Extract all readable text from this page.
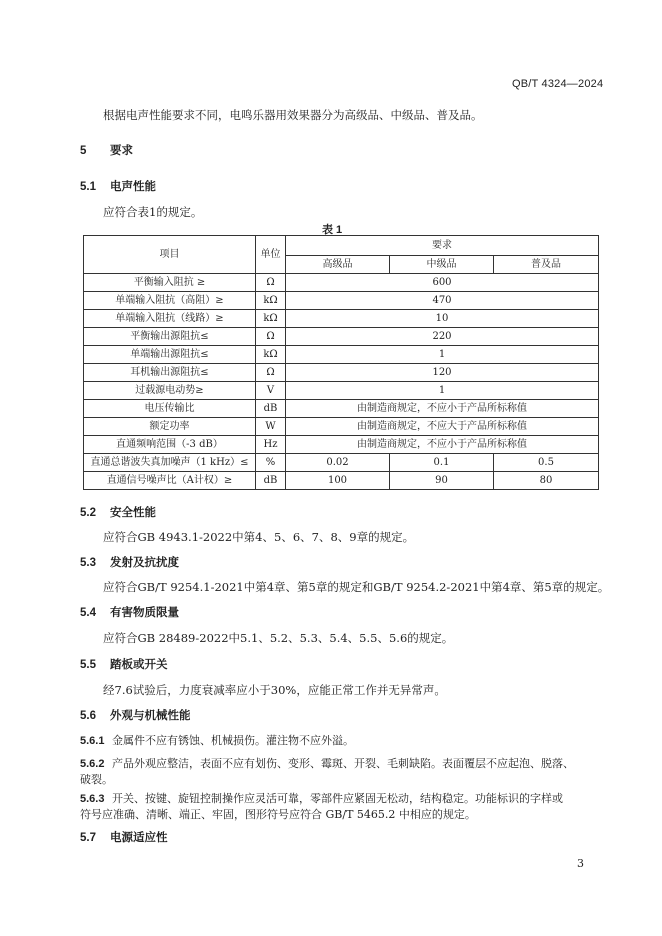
QB/T 4324—2024
根据电声性能要求不同，电鸣乐器用效果器分为高级品、中级品、普及品。
5 要求
5.1 电声性能
应符合表1的规定。
表 1
项目	单位	要求		
		高级品	中级品	普及品
平衡输入阻抗 ≥	Ω	600		
单端输入阻抗（高阻）≥	kΩ	470		
单端输入阻抗（线路）≥	kΩ	10		
平衡输出源阻抗≤	Ω	220		
单端输出源阻抗≤	kΩ	1		
耳机输出源阻抗≤	Ω	120		
过载源电动势≥	V	1		
电压传输比	dB	由制造商规定，不应小于产品所标称值		
额定功率	W	由制造商规定，不应大于产品所标称值		
直通频响范围（-3 dB）	Hz	由制造商规定，不应小于产品所标称值		
直通总谐波失真加噪声（1 kHz）≤	%	0.02	0.1	0.5
直通信号噪声比（A计权）≥	dB	100	90	80
5.2 安全性能
应符合GB 4943.1-2022中第4、5、6、7、8、9章的规定。
5.3 发射及抗扰度
应符合GB/T 9254.1-2021中第4章、第5章的规定和GB/T 9254.2-2021中第4章、第5章的规定。
5.4 有害物质限量
应符合GB 28489-2022中5.1、5.2、5.3、5.4、5.5、5.6的规定。
5.5 踏板或开关
经7.6试验后，力度衰减率应小于30%，应能正常工作并无异常声。
5.6 外观与机械性能
5.6.1 金属件不应有锈蚀、机械损伤。灌注物不应外溢。
5.6.2 产品外观应整洁，表面不应有划伤、变形、霉斑、开裂、毛刺缺陷。表面覆层不应起泡、脱落、
破裂。
5.6.3 开关、按键、旋钮控制操作应灵活可靠，零部件应紧固无松动，结构稳定。功能标识的字样或
符号应准确、清晰、端正、牢固，图形符号应符合 GB/T 5465.2 中相应的规定。
5.7 电源适应性
3
